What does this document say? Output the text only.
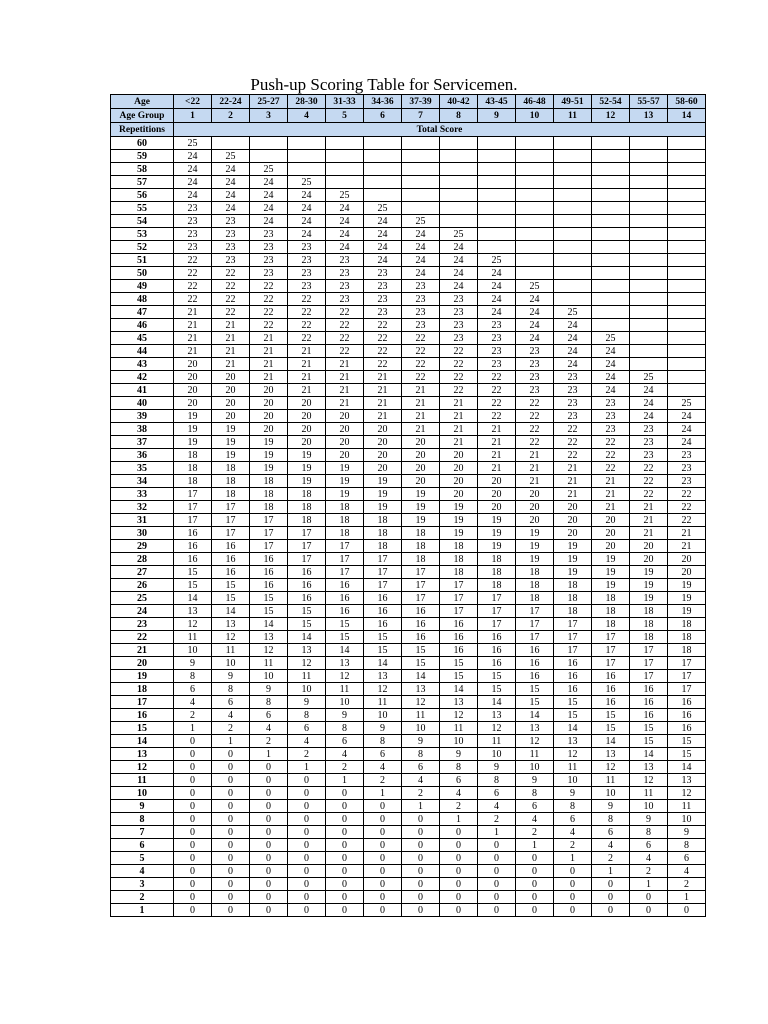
Push-up Scoring Table for Servicemen.
Age	<22	22-24	25-27	28-30	31-33	34-36	37-39	40-42	43-45	46-48	49-51	52-54	55-57	58-60
Age Group	1	2	3	4	5	6	7	8	9	10	11	12	13	14
Repetitions	Total Score													
60	25													
59	24	25												
58	24	24	25											
57	24	24	24	25										
56	24	24	24	24	25									
55	23	24	24	24	24	25								
54	23	23	24	24	24	24	25							
53	23	23	23	24	24	24	24	25						
52	23	23	23	23	24	24	24	24						
51	22	23	23	23	23	24	24	24	25					
50	22	22	23	23	23	23	24	24	24					
49	22	22	22	23	23	23	23	24	24	25				
48	22	22	22	22	23	23	23	23	24	24				
47	21	22	22	22	22	23	23	23	24	24	25			
46	21	21	22	22	22	22	23	23	23	24	24			
45	21	21	21	22	22	22	22	23	23	24	24	25		
44	21	21	21	21	22	22	22	22	23	23	24	24		
43	20	21	21	21	21	22	22	22	23	23	24	24		
42	20	20	21	21	21	21	22	22	22	23	23	24	25	
41	20	20	20	21	21	21	21	22	22	23	23	24	24	
40	20	20	20	20	21	21	21	21	22	22	23	23	24	25
39	19	20	20	20	20	21	21	21	22	22	23	23	24	24
38	19	19	20	20	20	20	21	21	21	22	22	23	23	24
37	19	19	19	20	20	20	20	21	21	22	22	22	23	24
36	18	19	19	19	20	20	20	20	21	21	22	22	23	23
35	18	18	19	19	19	20	20	20	21	21	21	22	22	23
34	18	18	18	19	19	19	20	20	20	21	21	21	22	23
33	17	18	18	18	19	19	19	20	20	20	21	21	22	22
32	17	17	18	18	18	19	19	19	20	20	20	21	21	22
31	17	17	17	18	18	18	19	19	19	20	20	20	21	22
30	16	17	17	17	18	18	18	19	19	19	20	20	21	21
29	16	16	17	17	17	18	18	18	19	19	19	20	20	21
28	16	16	16	17	17	17	18	18	18	19	19	19	20	20
27	15	16	16	16	17	17	17	18	18	18	19	19	19	20
26	15	15	16	16	16	17	17	17	18	18	18	19	19	19
25	14	15	15	16	16	16	17	17	17	18	18	18	19	19
24	13	14	15	15	16	16	16	17	17	17	18	18	18	19
23	12	13	14	15	15	16	16	16	17	17	17	18	18	18
22	11	12	13	14	15	15	16	16	16	17	17	17	18	18
21	10	11	12	13	14	15	15	16	16	16	17	17	17	18
20	9	10	11	12	13	14	15	15	16	16	16	17	17	17
19	8	9	10	11	12	13	14	15	15	16	16	16	17	17
18	6	8	9	10	11	12	13	14	15	15	16	16	16	17
17	4	6	8	9	10	11	12	13	14	15	15	16	16	16
16	2	4	6	8	9	10	11	12	13	14	15	15	16	16
15	1	2	4	6	8	9	10	11	12	13	14	15	15	16
14	0	1	2	4	6	8	9	10	11	12	13	14	15	15
13	0	0	1	2	4	6	8	9	10	11	12	13	14	15
12	0	0	0	1	2	4	6	8	9	10	11	12	13	14
11	0	0	0	0	1	2	4	6	8	9	10	11	12	13
10	0	0	0	0	0	1	2	4	6	8	9	10	11	12
9	0	0	0	0	0	0	1	2	4	6	8	9	10	11
8	0	0	0	0	0	0	0	1	2	4	6	8	9	10
7	0	0	0	0	0	0	0	0	1	2	4	6	8	9
6	0	0	0	0	0	0	0	0	0	1	2	4	6	8
5	0	0	0	0	0	0	0	0	0	0	1	2	4	6
4	0	0	0	0	0	0	0	0	0	0	0	1	2	4
3	0	0	0	0	0	0	0	0	0	0	0	0	1	2
2	0	0	0	0	0	0	0	0	0	0	0	0	0	1
1	0	0	0	0	0	0	0	0	0	0	0	0	0	0
